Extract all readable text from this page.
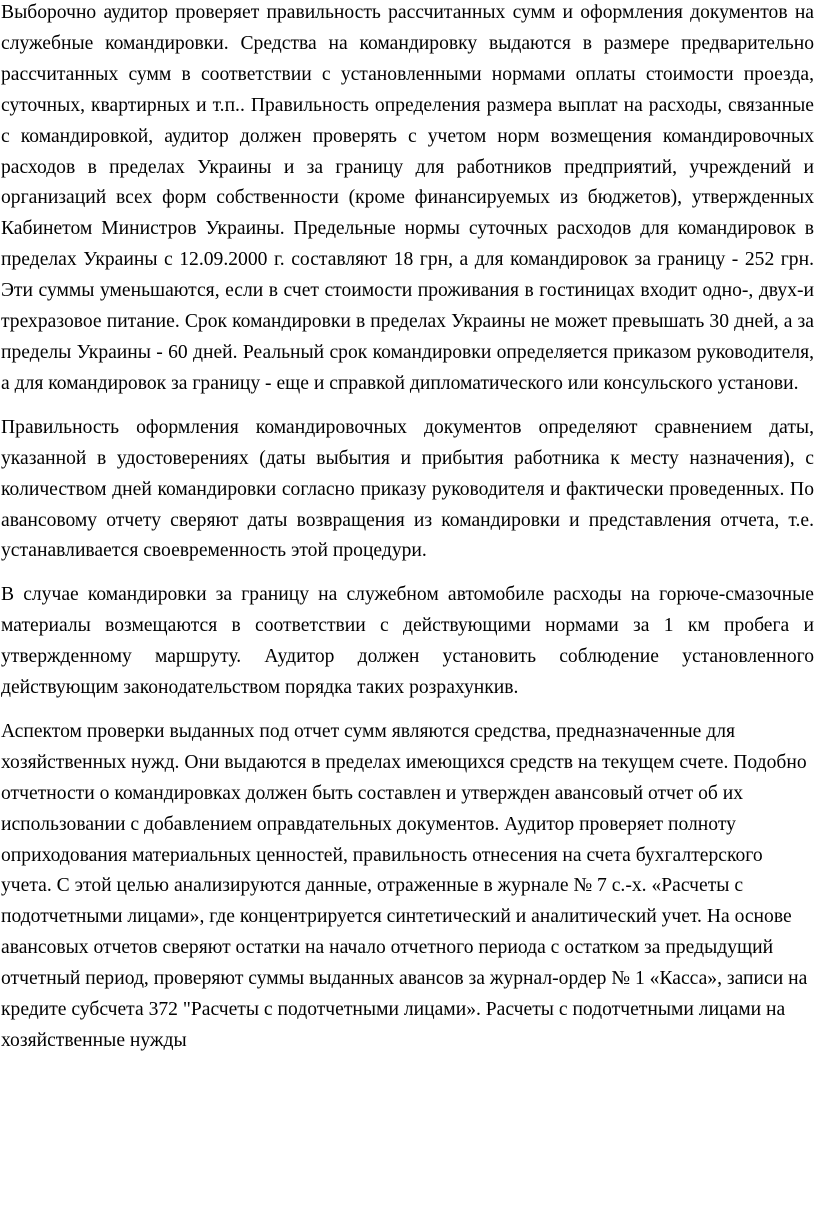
Выборочно аудитор проверяет правильность рассчитанных сумм и оформления документов на служебные командировки. Средства на командировку выдаются в размере предварительно рассчитанных сумм в соответствии с установленными нормами оплаты стоимости проезда, суточных, квартирных и т.п.. Правильность определения размера выплат на расходы, связанные с командировкой, аудитор должен проверять с учетом норм возмещения командировочных расходов в пределах Украины и за границу для работников предприятий, учреждений и организаций всех форм собственности (кроме финансируемых из бюджетов), утвержденных Кабинетом Министров Украины. Предельные нормы суточных расходов для командировок в пределах Украины с 12.09.2000 г. составляют 18 грн, а для командировок за границу - 252 грн. Эти суммы уменьшаются, если в счет стоимости проживания в гостиницах входит одно-, двух-и трехразовое питание. Срок командировки в пределах Украины не может превышать 30 дней, а за пределы Украины - 60 дней. Реальный срок командировки определяется приказом руководителя, а для командировок за границу - еще и справкой дипломатического или консульского установи.

Правильность оформления командировочных документов определяют сравнением даты, указанной в удостоверениях (даты выбытия и прибытия работника к месту назначения), с количеством дней командировки согласно приказу руководителя и фактически проведенных. По авансовому отчету сверяют даты возвращения из командировки и представления отчета, т.е. устанавливается своевременность этой процедури.

В случае командировки за границу на служебном автомобиле расходы на горюче-смазочные материалы возмещаются в соответствии с действующими нормами за 1 км пробега и утвержденному маршруту. Аудитор должен установить соблюдение установленного действующим законодательством порядка таких розрахункив.

Аспектом проверки выданных под отчет сумм являются средства, предназначенные для хозяйственных нужд. Они выдаются в пределах имеющихся средств на текущем счете. Подобно отчетности о командировках должен быть составлен и утвержден авансовый отчет об их использовании с добавлением оправдательных документов. Аудитор проверяет полноту оприходования материальных ценностей, правильность отнесения на счета бухгалтерского учета. С этой целью анализируются данные, отраженные в журнале № 7 с.-х. «Расчеты с подотчетными лицами», где концентрируется синтетический и аналитический учет. На основе авансовых отчетов сверяют остатки на начало отчетного периода с остатком за предыдущий отчетный период, проверяют суммы выданных авансов за журнал-ордер № 1 «Касса», записи на кредите субсчета 372 "Расчеты с подотчетными лицами». Расчеты с подотчетными лицами на хозяйственные нужды
